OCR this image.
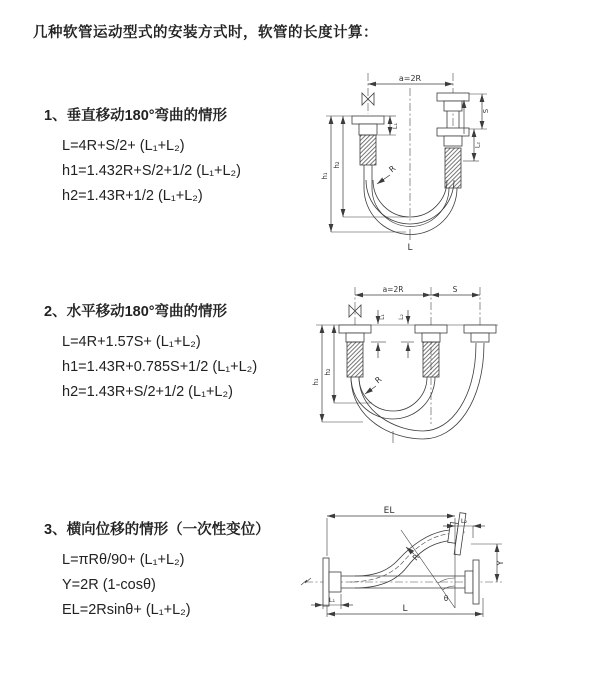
几种软管运动型式的安装方式时，软管的长度计算：
1、垂直移动180°弯曲的情形
L=4R+S/2+ (L₁+L₂)
h1=1.432R+S/2+1/2 (L₁+L₂)
h2=1.43R+1/2 (L₁+L₂)
2、水平移动180°弯曲的情形
L=4R+1.57S+ (L₁+L₂)
h1=1.43R+0.785S+1/2 (L₁+L₂)
h2=1.43R+S/2+1/2 (L₁+L₂)
3、横向位移的情形（一次性变位）
L=πRθ/90+ (L₁+L₂)
Y=2R (1-cosθ)
EL=2Rsinθ+ (L₁+L₂)
a=2R
S
L₂
L₁
h₁
h₂	R
L
a=2R	S
L₁ L₂
h₁
h₂
R
EL
L₂
Y
θ
R
L₁
L
